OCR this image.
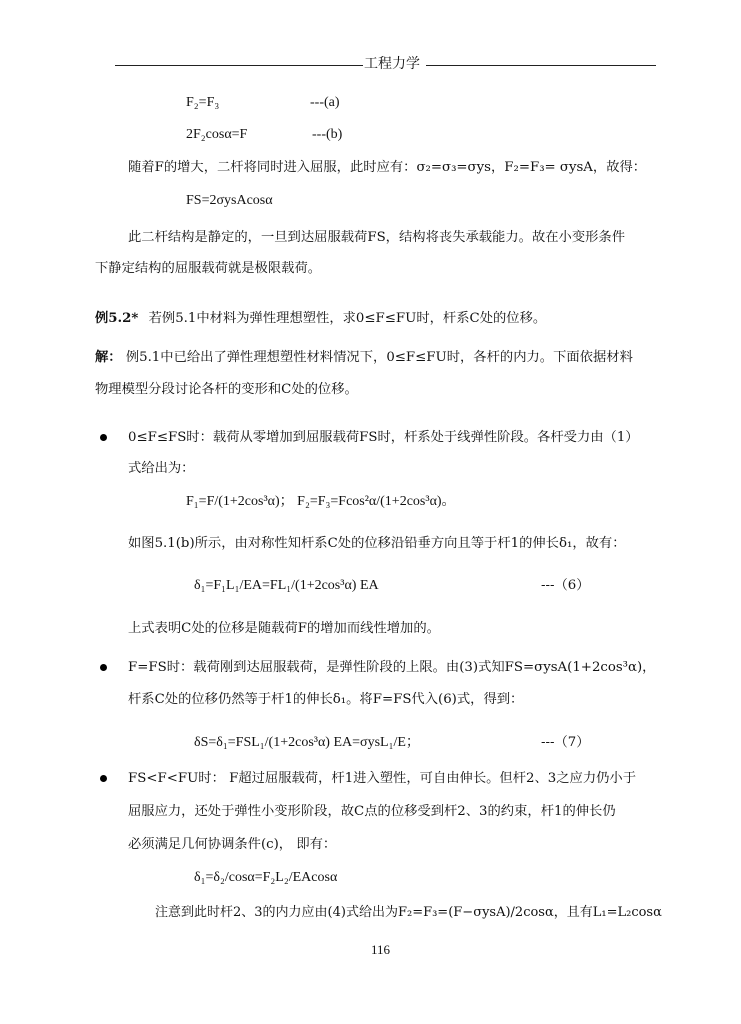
工程力学
F₂=F₃	---(a)
2F₂cosα=F	---(b)
随着F的增大，二杆将同时进入屈服，此时应有：σ₂=σ₃=σys，F₂=F₃= σysA，故得：
FS=2σysAcosα
此二杆结构是静定的，一旦到达屈服载荷FS，结构将丧失承载能力。故在小变形条件
下静定结构的屈服载荷就是极限载荷。
例5.2* 若例5.1中材料为弹性理想塑性，求0≤F≤FU时，杆系C处的位移。
解： 例5.1中已给出了弹性理想塑性材料情况下，0≤F≤FU时，各杆的内力。下面依据材料
物理模型分段讨论各杆的变形和C处的位移。
0≤F≤FS时：载荷从零增加到屈服载荷FS时，杆系处于线弹性阶段。各杆受力由（1）
式给出为：
F₁=F/(1+2cos³α)； F₂=F₃=Fcos²α/(1+2cos³α)。
如图5.1(b)所示，由对称性知杆系C处的位移沿铅垂方向且等于杆1的伸长δ₁，故有：
δ₁=F₁L₁/EA=FL₁/(1+2cos³α) EA	---（6）
上式表明C处的位移是随载荷F的增加而线性增加的。
F=FS时：载荷刚到达屈服载荷，是弹性阶段的上限。由(3)式知FS=σysA(1+2cos³α)，
杆系C处的位移仍然等于杆1的伸长δ₁。将F=FS代入(6)式，得到：
δS=δ₁=FSL₁/(1+2cos³α) EA=σysL₁/E；	---（7）
FS<F<FU时： F超过屈服载荷，杆1进入塑性，可自由伸长。但杆2、3之应力仍小于
屈服应力，还处于弹性小变形阶段，故C点的位移受到杆2、3的约束，杆1的伸长仍
必须满足几何协调条件(c)， 即有：
δ₁=δ₂/cosα=F₂L₂/EAcosα
注意到此时杆2、3的内力应由(4)式给出为F₂=F₃=(F−σysA)/2cosα，且有L₁=L₂cosα
116
